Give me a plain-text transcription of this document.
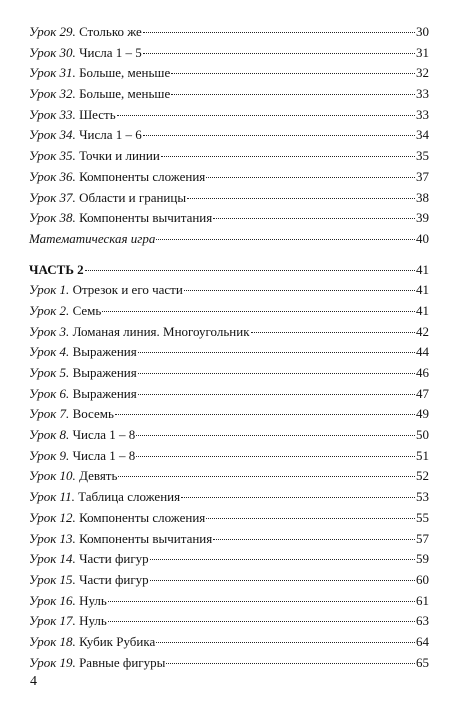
Урок 29. Столько же	30
Урок 30. Числа 1 – 5	31
Урок 31. Больше, меньше	32
Урок 32. Больше, меньше	33
Урок 33. Шесть	33
Урок 34. Числа 1 – 6	34
Урок 35. Точки и линии	35
Урок 36. Компоненты сложения	37
Урок 37. Области и границы	38
Урок 38. Компоненты вычитания	39
Математическая игра	40
ЧАСТЬ 2	41
Урок 1. Отрезок и его части	41
Урок 2. Семь	41
Урок 3. Ломаная линия. Многоугольник	42
Урок 4. Выражения	44
Урок 5. Выражения	46
Урок 6. Выражения	47
Урок 7. Восемь	49
Урок 8. Числа 1 – 8	50
Урок 9. Числа 1 – 8	51
Урок 10. Девять	52
Урок 11. Таблица сложения	53
Урок 12. Компоненты сложения	55
Урок 13. Компоненты вычитания	57
Урок 14. Части фигур	59
Урок 15. Части фигур	60
Урок 16. Нуль	61
Урок 17. Нуль	63
Урок 18. Кубик Рубика	64
Урок 19. Равные фигуры	65
4
